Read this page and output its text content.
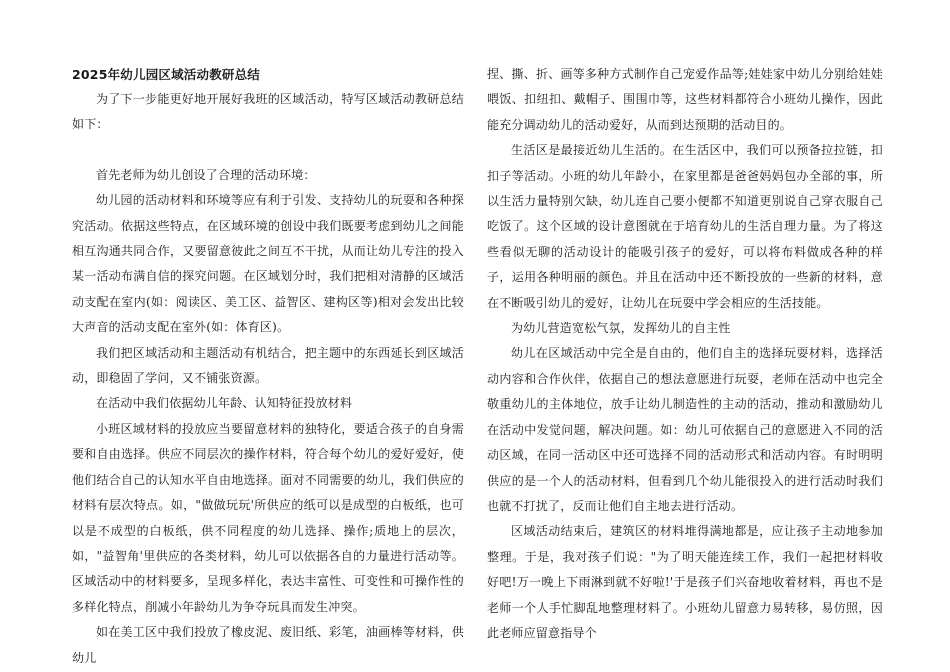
2025年幼儿园区域活动教研总结

为了下一步能更好地开展好我班的区域活动，特写区域活动教研总结如下：

首先老师为幼儿创设了合理的活动环境：

幼儿园的活动材料和环境等应有利于引发、支持幼儿的玩耍和各种探究活动。依据这些特点，在区域环境的创设中我们既要考虑到幼儿之间能相互沟通共同合作，又要留意彼此之间互不干扰，从而让幼儿专注的投入某一活动布满自信的探究问题。在区域划分时，我们把相对清静的区域活动支配在室内(如：阅读区、美工区、益智区、建构区等)相对会发出比较大声音的活动支配在室外(如：体育区)。

我们把区域活动和主题活动有机结合，把主题中的东西延长到区域活动，即稳固了学问，又不铺张资源。

在活动中我们依据幼儿年龄、认知特征投放材料

小班区域材料的投放应当要留意材料的独特化，要适合孩子的自身需要和自由选择。供应不同层次的操作材料，符合每个幼儿的爱好爱好，使他们结合自己的认知水平自由地选择。面对不同需要的幼儿，我们供应的材料有层次特点。如，"做做玩玩'所供应的纸可以是成型的白板纸，也可以是不成型的白板纸，供不同程度的幼儿选择、操作;质地上的层次，如，"益智角'里供应的各类材料，幼儿可以依据各自的力量进行活动等。区域活动中的材料要多，呈现多样化，表达丰富性、可变性和可操作性的多样化特点，削减小年龄幼儿为争夺玩具而发生冲突。

如在美工区中我们投放了橡皮泥、废旧纸、彩笔，油画棒等材料，供幼儿

捏、撕、折、画等多种方式制作自己宠爱作品等;娃娃家中幼儿分别给娃娃喂饭、扣纽扣、戴帽子、围围巾等，这些材料都符合小班幼儿操作，因此能充分调动幼儿的活动爱好，从而到达预期的活动目的。

生活区是最接近幼儿生活的。在生活区中，我们可以预备拉拉链，扣扣子等活动。小班的幼儿年龄小，在家里都是爸爸妈妈包办全部的事，所以生活力量特别欠缺，幼儿连自己要小便都不知道更别说自己穿衣服自己吃饭了。这个区域的设计意图就在于培育幼儿的生活自理力量。为了将这些看似无聊的活动设计的能吸引孩子的爱好，可以将布料做成各种的样子，运用各种明丽的颜色。并且在活动中还不断投放的一些新的材料，意在不断吸引幼儿的爱好，让幼儿在玩耍中学会相应的生活技能。

为幼儿营造宽松气氛，发挥幼儿的自主性

幼儿在区域活动中完全是自由的，他们自主的选择玩耍材料，选择活动内容和合作伙伴，依据自己的想法意愿进行玩耍，老师在活动中也完全敬重幼儿的主体地位，放手让幼儿制造性的主动的活动，推动和激励幼儿在活动中发觉问题，解决问题。如：幼儿可依据自己的意愿进入不同的活动区域，在同一活动区中还可选择不同的活动形式和活动内容。有时明明供应的是一个人的活动材料，但看到几个幼儿能很投入的进行活动时我们也就不打扰了，反而让他们自主地去进行活动。

区域活动结束后，建筑区的材料堆得满地都是，应让孩子主动地参加整理。于是，我对孩子们说："为了明天能连续工作，我们一起把材料收好吧!万一晚上下雨淋到就不好啦!'于是孩子们兴奋地收着材料，再也不是老师一个人手忙脚乱地整理材料了。小班幼儿留意力易转移，易仿照，因此老师应留意指导个
